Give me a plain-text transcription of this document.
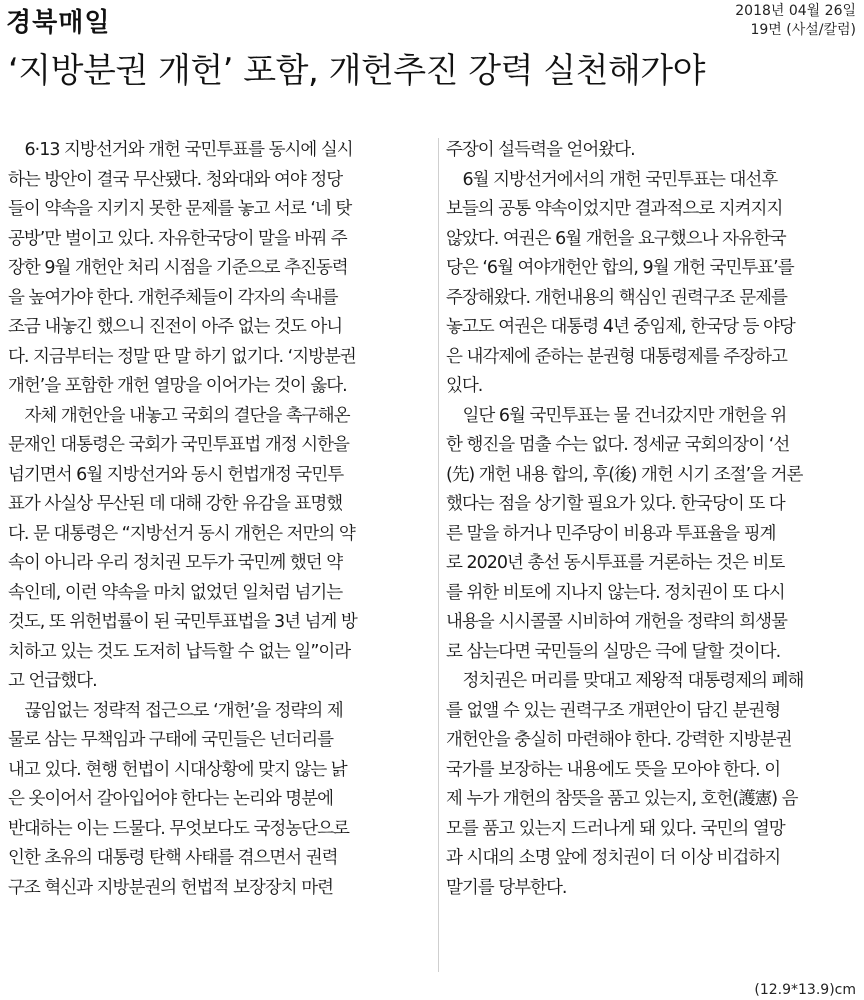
경북매일	2018년 04월 26일
19면 (사설/칼럼)
‘지방분권 개헌’ 포함, 개헌추진 강력 실천해가야
　6·13 지방선거와 개헌 국민투표를 동시에 실시
하는 방안이 결국 무산됐다. 청와대와 여야 정당
들이 약속을 지키지 못한 문제를 놓고 서로 ‘네 탓
공방’만 벌이고 있다. 자유한국당이 말을 바꿔 주
장한 9월 개헌안 처리 시점을 기준으로 추진동력
을 높여가야 한다. 개헌주체들이 각자의 속내를
조금 내놓긴 했으니 진전이 아주 없는 것도 아니
다. 지금부터는 정말 딴 말 하기 없기다. ‘지방분권
개헌’을 포함한 개헌 열망을 이어가는 것이 옳다.
　자체 개헌안을 내놓고 국회의 결단을 촉구해온
문재인 대통령은 국회가 국민투표법 개정 시한을
넘기면서 6월 지방선거와 동시 헌법개정 국민투
표가 사실상 무산된 데 대해 강한 유감을 표명했
다. 문 대통령은 “지방선거 동시 개헌은 저만의 약
속이 아니라 우리 정치권 모두가 국민께 했던 약
속인데, 이런 약속을 마치 없었던 일처럼 넘기는
것도, 또 위헌법률이 된 국민투표법을 3년 넘게 방
치하고 있는 것도 도저히 납득할 수 없는 일”이라
고 언급했다.
　끊임없는 정략적 접근으로 ‘개헌’을 정략의 제
물로 삼는 무책임과 구태에 국민들은 넌더리를
내고 있다. 현행 헌법이 시대상황에 맞지 않는 낡
은 옷이어서 갈아입어야 한다는 논리와 명분에
반대하는 이는 드물다. 무엇보다도 국정농단으로
인한 초유의 대통령 탄핵 사태를 겪으면서 권력
구조 혁신과 지방분권의 헌법적 보장장치 마련
주장이 설득력을 얻어왔다.
　6월 지방선거에서의 개헌 국민투표는 대선후
보들의 공통 약속이었지만 결과적으로 지켜지지
않았다. 여권은 6월 개헌을 요구했으나 자유한국
당은 ‘6월 여야개헌안 합의, 9월 개헌 국민투표’를
주장해왔다. 개헌내용의 핵심인 권력구조 문제를
놓고도 여권은 대통령 4년 중임제, 한국당 등 야당
은 내각제에 준하는 분권형 대통령제를 주장하고
있다.
　일단 6월 국민투표는 물 건너갔지만 개헌을 위
한 행진을 멈출 수는 없다. 정세균 국회의장이 ‘선
(先) 개헌 내용 합의, 후(後) 개헌 시기 조절’을 거론
했다는 점을 상기할 필요가 있다. 한국당이 또 다
른 말을 하거나 민주당이 비용과 투표율을 핑계
로 2020년 총선 동시투표를 거론하는 것은 비토
를 위한 비토에 지나지 않는다. 정치권이 또 다시
내용을 시시콜콜 시비하여 개헌을 정략의 희생물
로 삼는다면 국민들의 실망은 극에 달할 것이다.
　정치권은 머리를 맞대고 제왕적 대통령제의 폐해
를 없앨 수 있는 권력구조 개편안이 담긴 분권형
개헌안을 충실히 마련해야 한다. 강력한 지방분권
국가를 보장하는 내용에도 뜻을 모아야 한다. 이
제 누가 개헌의 참뜻을 품고 있는지, 호헌(護憲) 음
모를 품고 있는지 드러나게 돼 있다. 국민의 열망
과 시대의 소명 앞에 정치권이 더 이상 비겁하지
말기를 당부한다.
(12.9*13.9)cm
